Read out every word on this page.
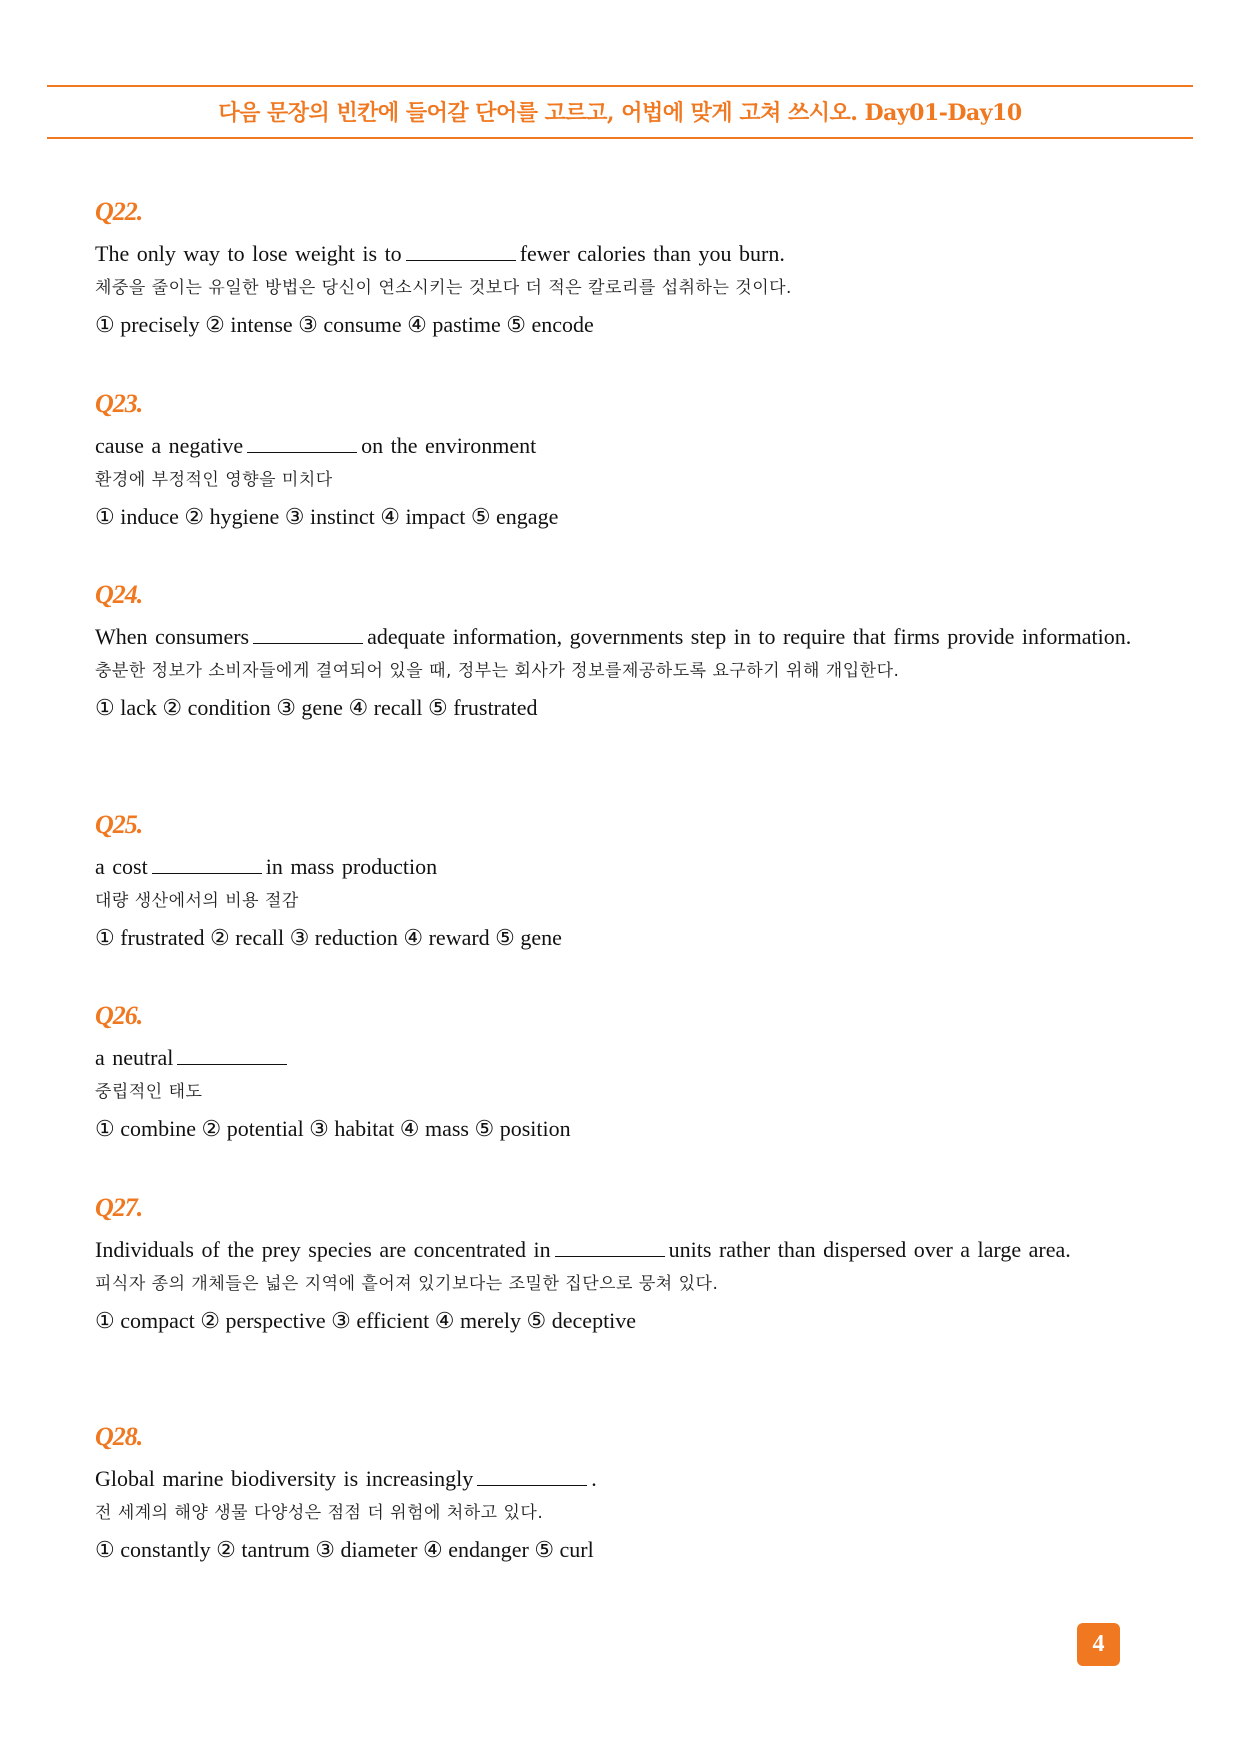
다음 문장의 빈칸에 들어갈 단어를 고르고, 어법에 맞게 고쳐 쓰시오. Day01-Day10
Q22.
The only way to lose weight is to	fewer calories than you burn.
체중을 줄이는 유일한 방법은 당신이 연소시키는 것보다 더 적은 칼로리를 섭취하는 것이다.
① precisely ② intense ③ consume ④ pastime ⑤ encode
Q23.
cause a negative	on the environment
환경에 부정적인 영향을 미치다
① induce ② hygiene ③ instinct ④ impact ⑤ engage
Q24.
When consumers	adequate information, governments step in to require that firms provide information.
충분한 정보가 소비자들에게 결여되어 있을 때, 정부는 회사가 정보를제공하도록 요구하기 위해 개입한다.
① lack ② condition ③ gene ④ recall ⑤ frustrated
Q25.
a cost	in mass production
대량 생산에서의 비용 절감
① frustrated ② recall ③ reduction ④ reward ⑤ gene
Q26.
a neutral
중립적인 태도
① combine ② potential ③ habitat ④ mass ⑤ position
Q27.
Individuals of the prey species are concentrated in	units rather than dispersed over a large area.
피식자 종의 개체들은 넓은 지역에 흩어져 있기보다는 조밀한 집단으로 뭉쳐 있다.
① compact ② perspective ③ efficient ④ merely ⑤ deceptive
Q28.
Global marine biodiversity is increasingly	.
전 세계의 해양 생물 다양성은 점점 더 위험에 처하고 있다.
① constantly ② tantrum ③ diameter ④ endanger ⑤ curl
4
